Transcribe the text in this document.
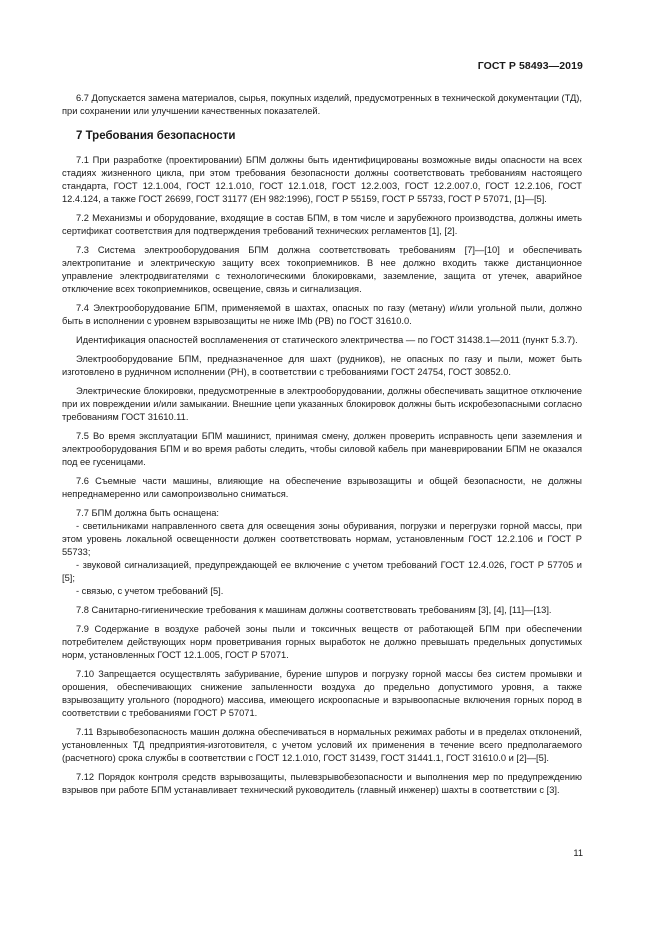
ГОСТ Р 58493—2019

6.7 Допускается замена материалов, сырья, покупных изделий, предусмотренных в технической документации (ТД), при сохранении или улучшении качественных показателей.

7 Требования безопасности

7.1 При разработке (проектировании) БПМ должны быть идентифицированы возможные виды опасности на всех стадиях жизненного цикла, при этом требования безопасности должны соответствовать требованиям настоящего стандарта, ГОСТ 12.1.004, ГОСТ 12.1.010, ГОСТ 12.1.018, ГОСТ 12.2.003, ГОСТ 12.2.007.0, ГОСТ 12.2.106, ГОСТ 12.4.124, а также ГОСТ 26699, ГОСТ 31177 (ЕН 982:1996), ГОСТ Р 55159, ГОСТ Р 55733, ГОСТ Р 57071, [1]—[5].

7.2 Механизмы и оборудование, входящие в состав БПМ, в том числе и зарубежного производства, должны иметь сертификат соответствия для подтверждения требований технических регламентов [1], [2].

7.3 Система электрооборудования БПМ должна соответствовать требованиям [7]—[10] и обеспечивать электропитание и электрическую защиту всех токоприемников. В нее должно входить также дистанционное управление электродвигателями с технологическими блокировками, заземление, защита от утечек, аварийное отключение всех токоприемников, освещение, связь и сигнализация.

7.4 Электрооборудование БПМ, применяемой в шахтах, опасных по газу (метану) и/или угольной пыли, должно быть в исполнении с уровнем взрывозащиты не ниже IMb (PB) по ГОСТ 31610.0.

Идентификация опасностей воспламенения от статического электричества — по ГОСТ 31438.1—2011 (пункт 5.3.7).

Электрооборудование БПМ, предназначенное для шахт (рудников), не опасных по газу и пыли, может быть изготовлено в рудничном исполнении (РН), в соответствии с требованиями ГОСТ 24754, ГОСТ 30852.0.

Электрические блокировки, предусмотренные в электрооборудовании, должны обеспечивать защитное отключение при их повреждении и/или замыкании. Внешние цепи указанных блокировок должны быть искробезопасными согласно требованиям ГОСТ 31610.11.

7.5 Во время эксплуатации БПМ машинист, принимая смену, должен проверить исправность цепи заземления и электрооборудования БПМ и во время работы следить, чтобы силовой кабель при маневрировании БПМ не оказался под ее гусеницами.

7.6 Съемные части машины, влияющие на обеспечение взрывозащиты и общей безопасности, не должны непреднамеренно или самопроизвольно сниматься.

7.7 БПМ должна быть оснащена:

- светильниками направленного света для освещения зоны обуривания, погрузки и перегрузки горной массы, при этом уровень локальной освещенности должен соответствовать нормам, установленным ГОСТ 12.2.106 и ГОСТ Р 55733;

- звуковой сигнализацией, предупреждающей ее включение с учетом требований ГОСТ 12.4.026, ГОСТ Р 57705 и [5];

- связью, с учетом требований [5].

7.8 Санитарно-гигиенические требования к машинам должны соответствовать требованиям [3], [4], [11]—[13].

7.9 Содержание в воздухе рабочей зоны пыли и токсичных веществ от работающей БПМ при обеспечении потребителем действующих норм проветривания горных выработок не должно превышать предельных допустимых норм, установленных ГОСТ 12.1.005, ГОСТ Р 57071.

7.10 Запрещается осуществлять забуривание, бурение шпуров и погрузку горной массы без систем промывки и орошения, обеспечивающих снижение запыленности воздуха до предельно допустимого уровня, а также взрывозащиту угольного (породного) массива, имеющего искроопасные и взрывоопасные включения горных пород в соответствии с требованиями ГОСТ Р 57071.

7.11 Взрывобезопасность машин должна обеспечиваться в нормальных режимах работы и в пределах отклонений, установленных ТД предприятия-изготовителя, с учетом условий их применения в течение всего предполагаемого (расчетного) срока службы в соответствии с ГОСТ 12.1.010, ГОСТ 31439, ГОСТ 31441.1, ГОСТ 31610.0 и [2]—[5].

7.12 Порядок контроля средств взрывозащиты, пылевзрывобезопасности и выполнения мер по предупреждению взрывов при работе БПМ устанавливает технический руководитель (главный инженер) шахты в соответствии с [3].

11
